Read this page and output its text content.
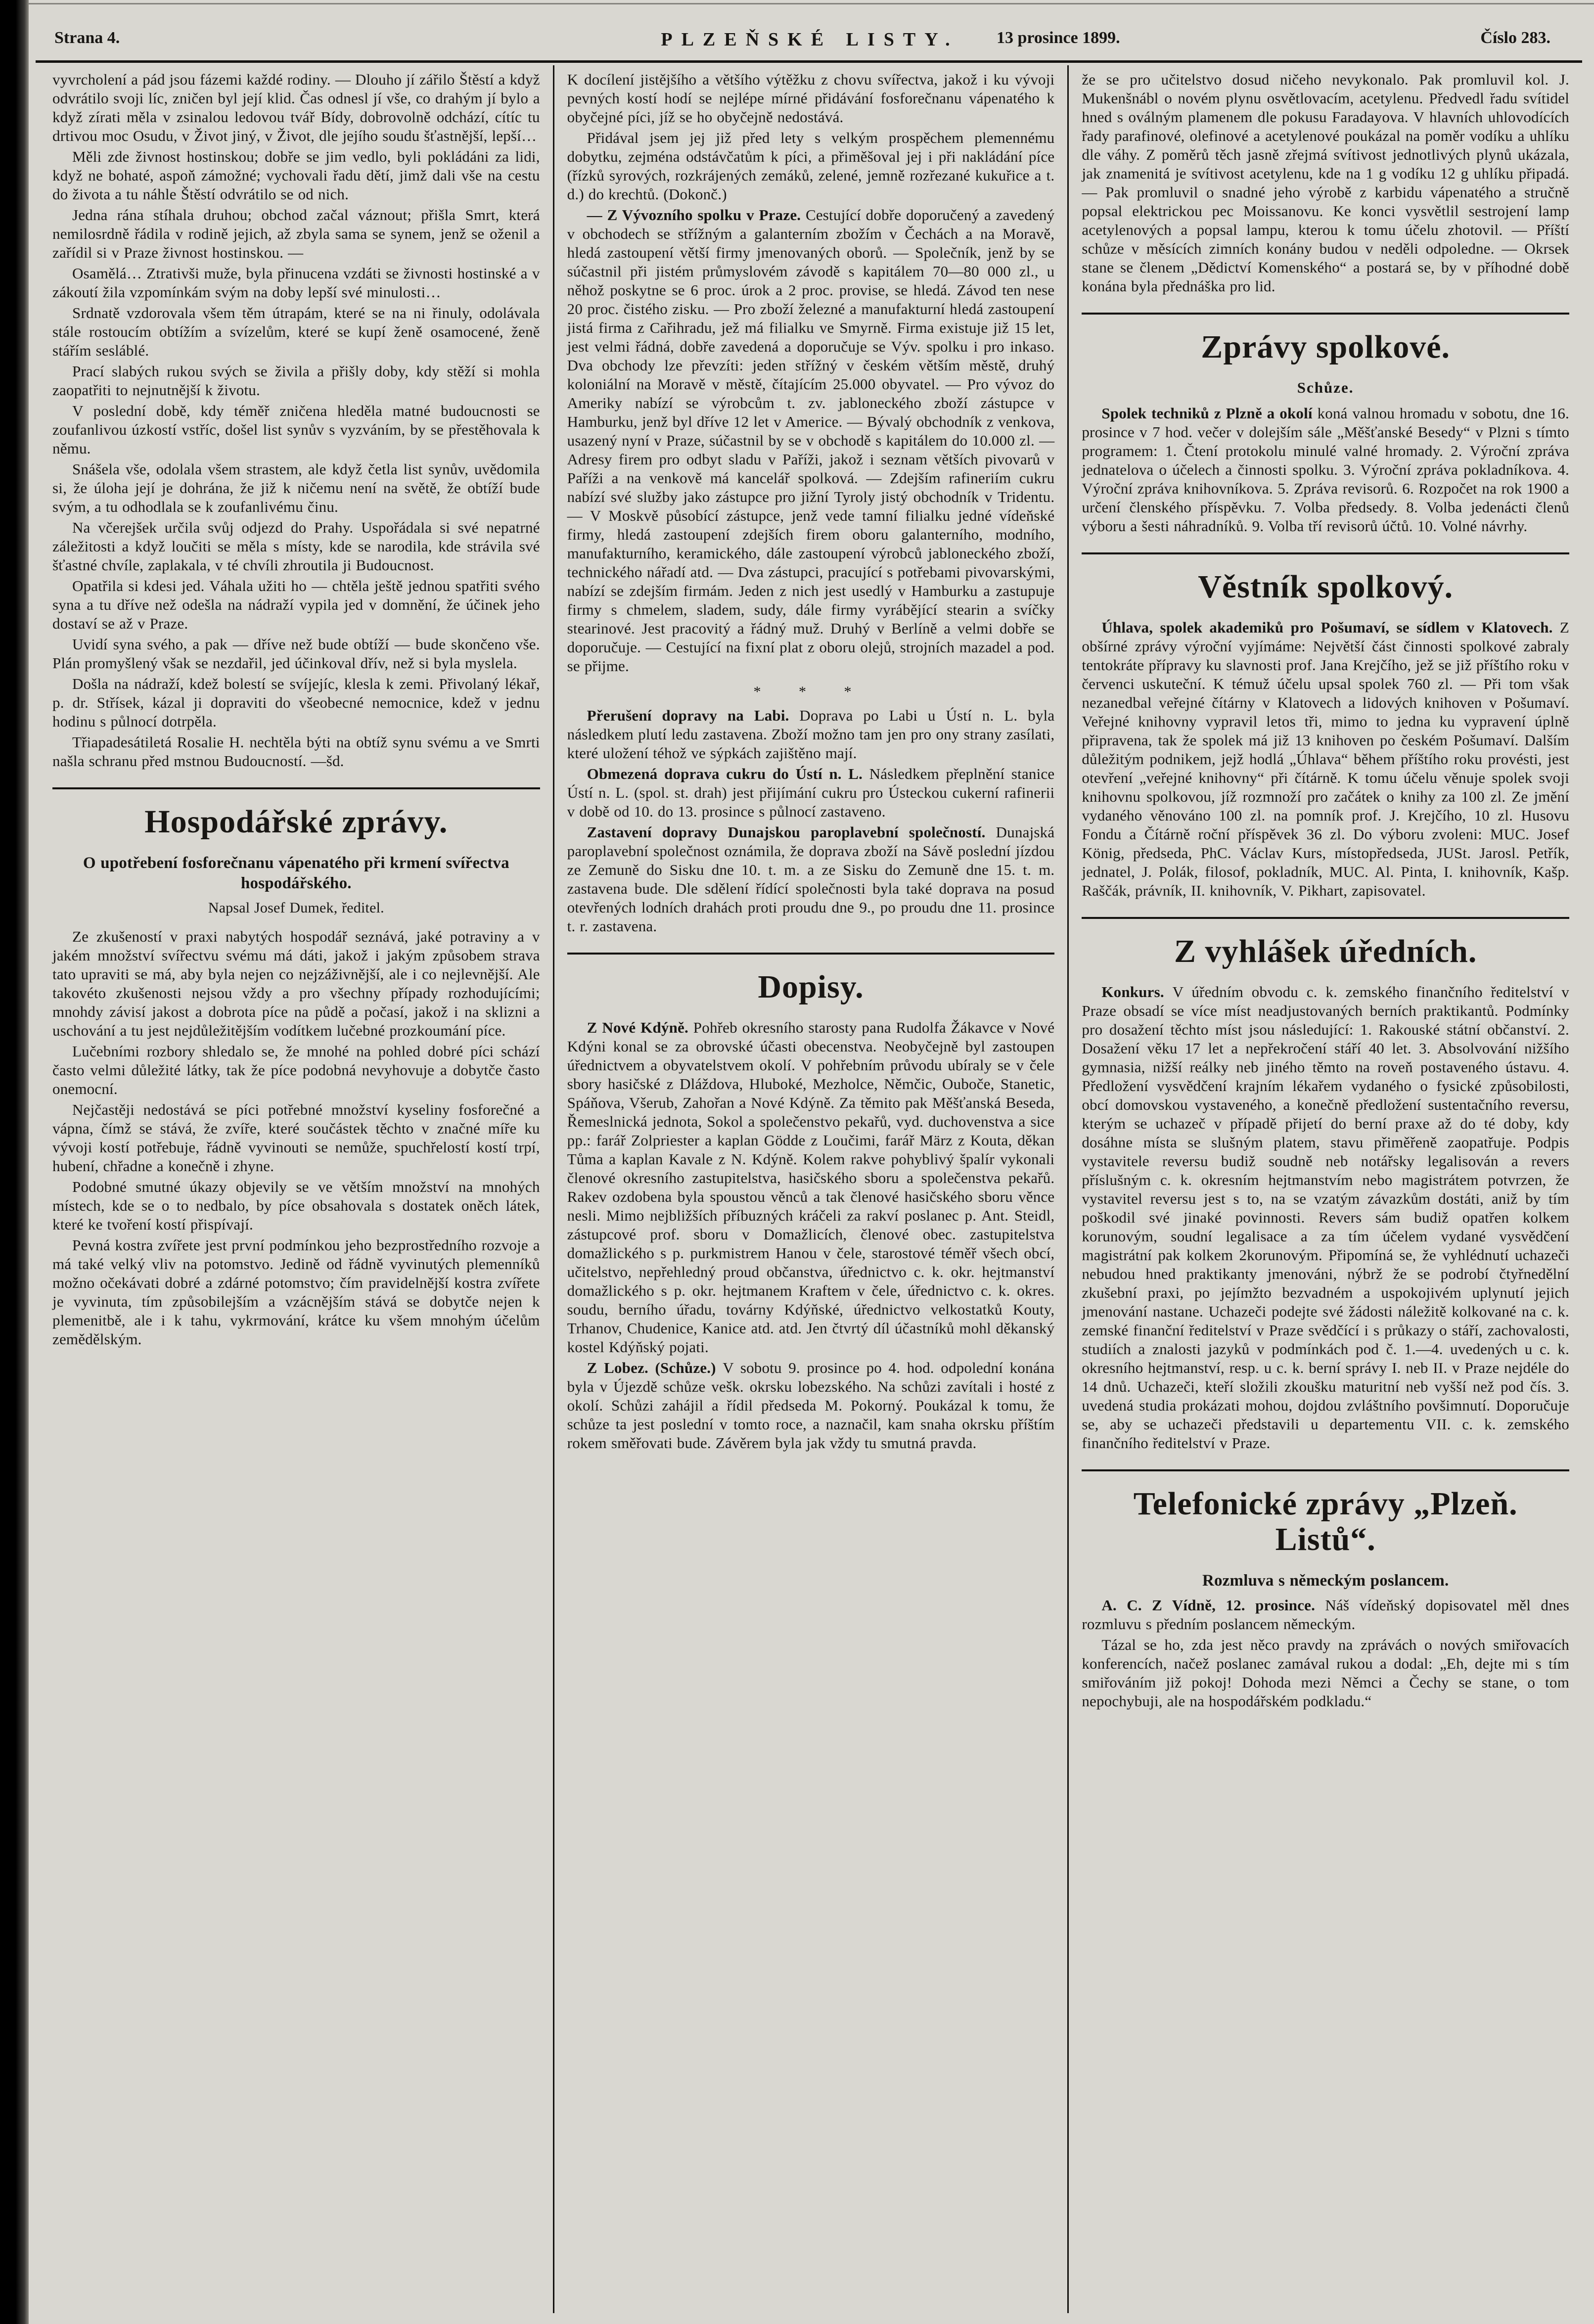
Strana 4.	PLZEŇSKÉ LISTY. 13 prosince 1899.	Číslo 283.

vyvrcholení a pád jsou fázemi každé rodiny. — Dlouho jí zářilo Štěstí a když odvrátilo svoji líc, zničen byl její klid. Čas odnesl jí vše, co drahým jí bylo a když zírati měla v zsinalou ledovou tvář Bídy, dobrovolně odchází, cítíc tu drtivou moc Osudu, v Život jiný, v Život, dle jejího soudu šťastnější, lepší…

Měli zde živnost hostinskou; dobře se jim vedlo, byli pokládáni za lidi, když ne bohaté, aspoň zámožné; vychovali řadu dětí, jimž dali vše na cestu do života a tu náhle Štěstí odvrátilo se od nich.

Jedna rána stíhala druhou; obchod začal váznout; přišla Smrt, která nemilosrdně řádila v rodině jejich, až zbyla sama se synem, jenž se oženil a zařídil si v Praze živnost hostinskou. —

Osamělá… Ztrativši muže, byla přinucena vzdáti se živnosti hostinské a v zákoutí žila vzpomínkám svým na doby lepší své minulosti…

Srdnatě vzdorovala všem těm útrapám, které se na ni řinuly, odolávala stále rostoucím obtížím a svízelům, které se kupí ženě osamocené, ženě stářím sesláblé.

Prací slabých rukou svých se živila a přišly doby, kdy stěží si mohla zaopatřiti to nejnutnější k životu.

V poslední době, kdy téměř zničena hleděla matné budoucnosti se zoufanlivou úzkostí vstříc, došel list synův s vyzváním, by se přestěhovala k němu.

Snášela vše, odolala všem strastem, ale když četla list synův, uvědomila si, že úloha její je dohrána, že již k ničemu není na světě, že obtíží bude svým, a tu odhodlala se k zoufanlivému činu.

Na včerejšek určila svůj odjezd do Prahy. Uspořádala si své nepatrné záležitosti a když loučiti se měla s místy, kde se narodila, kde strávila své šťastné chvíle, zaplakala, v té chvíli zhroutila ji Budoucnost.

Opatřila si kdesi jed. Váhala užiti ho — chtěla ještě jednou spatřiti svého syna a tu dříve než odešla na nádraží vypila jed v domnění, že účinek jeho dostaví se až v Praze.

Uvidí syna svého, a pak — dříve než bude obtíží — bude skončeno vše. Plán promyšlený však se nezdařil, jed účinkoval dřív, než si byla myslela.

Došla na nádraží, kdež bolestí se svíjejíc, klesla k zemi. Přivolaný lékař, p. dr. Střísek, kázal ji dopraviti do všeobecné nemocnice, kdež v jednu hodinu s půlnocí dotrpěla.

Třiapadesátiletá Rosalie H. nechtěla býti na obtíž synu svému a ve Smrti našla schranu před mstnou Budoucností. —šd.

Hospodářské zprávy.

O upotřebení fosforečnanu vápenatého při krmení svířectva hospodářského.

Napsal Josef Dumek, ředitel.

Ze zkušeností v praxi nabytých hospodář seznává, jaké potraviny a v jakém množství svířectvu svému má dáti, jakož i jakým způsobem strava tato upraviti se má, aby byla nejen co nejzáživnější, ale i co nejlevnější. Ale takovéto zkušenosti nejsou vždy a pro všechny případy rozhodujícími; mnohdy závisí jakost a dobrota píce na půdě a počasí, jakož i na sklizni a uschování a tu jest nejdůležitějším vodítkem lučebné prozkoumání píce.

Lučebními rozbory shledalo se, že mnohé na pohled dobré píci schází často velmi důležité látky, tak že píce podobná nevyhovuje a dobytče často onemocní.

Nejčastěji nedostává se píci potřebné množství kyseliny fosforečné a vápna, čímž se stává, že zvíře, které součástek těchto v značné míře ku vývoji kostí potřebuje, řádně vyvinouti se nemůže, spuchřelostí kostí trpí, hubení, chřadne a konečně i zhyne.

Podobné smutné úkazy objevily se ve větším množství na mnohých místech, kde se o to nedbalo, by píce obsahovala s dostatek oněch látek, které ke tvoření kostí přispívají.

Pevná kostra zvířete jest první podmínkou jeho bezprostředního rozvoje a má také velký vliv na potomstvo. Jedině od řádně vyvinutých plemenníků možno očekávati dobré a zdárné potomstvo; čím pravidelnější kostra zvířete je vyvinuta, tím způsobilejším a vzácnějším stává se dobytče nejen k plemenitbě, ale i k tahu, vykrmování, krátce ku všem mnohým účelům zemědělským.

K docílení jistějšího a většího výtěžku z chovu svířectva, jakož i ku vývoji pevných kostí hodí se nejlépe mírné přidávání fosforečnanu vápenatého k obyčejné píci, jíž se ho obyčejně nedostává.

Přidával jsem jej již před lety s velkým prospěchem plemennému dobytku, zejména odstávčatům k píci, a přiměšoval jej i při nakládání píce (řízků syrových, rozkrájených zemáků, zelené, jemně rozřezané kukuřice a t. d.) do krechtů. (Dokonč.)

— Z Vývozního spolku v Praze. Cestující dobře doporučený a zavedený v obchodech se střížným a galanterním zbožím v Čechách a na Moravě, hledá zastoupení větší firmy jmenovaných oborů. — Společník, jenž by se súčastnil při jistém průmyslovém závodě s kapitálem 70—80 000 zl., u něhož poskytne se 6 proc. úrok a 2 proc. provise, se hledá. Závod ten nese 20 proc. čistého zisku. — Pro zboží železné a manufakturní hledá zastoupení jistá firma z Cařihradu, jež má filialku ve Smyrně. Firma existuje již 15 let, jest velmi řádná, dobře zavedená a doporučuje se Výv. spolku i pro inkaso. Dva obchody lze převzíti: jeden střížný v českém větším městě, druhý koloniální na Moravě v městě, čítajícím 25.000 obyvatel. — Pro vývoz do Ameriky nabízí se výrobcům t. zv. jabloneckého zboží zástupce v Hamburku, jenž byl dříve 12 let v Americe. — Bývalý obchodník z venkova, usazený nyní v Praze, súčastnil by se v obchodě s kapitálem do 10.000 zl. — Adresy firem pro odbyt sladu v Paříži, jakož i seznam větších pivovarů v Paříži a na venkově má kancelář spolková. — Zdejším rafineriím cukru nabízí své služby jako zástupce pro jižní Tyroly jistý obchodník v Tridentu. — V Moskvě působící zástupce, jenž vede tamní filialku jedné vídeňské firmy, hledá zastoupení zdejších firem oboru galanterního, modního, manufakturního, keramického, dále zastoupení výrobců jabloneckého zboží, technického nářadí atd. — Dva zástupci, pracující s potřebami pivovarskými, nabízí se zdejším firmám. Jeden z nich jest usedlý v Hamburku a zastupuje firmy s chmelem, sladem, sudy, dále firmy vyrábějící stearin a svíčky stearinové. Jest pracovitý a řádný muž. Druhý v Berlíně a velmi dobře se doporučuje. — Cestující na fixní plat z oboru olejů, strojních mazadel a pod. se přijme.

* * *

Přerušení dopravy na Labi. Doprava po Labi u Ústí n. L. byla následkem plutí ledu zastavena. Zboží možno tam jen pro ony strany zasílati, které uložení téhož ve sýpkách zajištěno mají.

Obmezená doprava cukru do Ústí n. L. Následkem přeplnění stanice Ústí n. L. (spol. st. drah) jest přijímání cukru pro Ústeckou cukerní rafinerii v době od 10. do 13. prosince s půlnocí zastaveno.

Zastavení dopravy Dunajskou paroplavební společností. Dunajská paroplavební společnost oznámila, že doprava zboží na Sávě poslední jízdou ze Zemuně do Sisku dne 10. t. m. a ze Sisku do Zemuně dne 15. t. m. zastavena bude. Dle sdělení řídící společnosti byla také doprava na posud otevřených lodních drahách proti proudu dne 9., po proudu dne 11. prosince t. r. zastavena.

Dopisy.

Z Nové Kdýně. Pohřeb okresního starosty pana Rudolfa Žákavce v Nové Kdýni konal se za obrovské účasti obecenstva. Neobyčejně byl zastoupen úřednictvem a obyvatelstvem okolí. V pohřebním průvodu ubíraly se v čele sbory hasičské z Dláždova, Hluboké, Mezholce, Němčic, Ouboče, Stanetic, Spáňova, Všerub, Zahořan a Nové Kdýně. Za těmito pak Měšťanská Beseda, Řemeslnická jednota, Sokol a společenstvo pekařů, vyd. duchovenstva a sice pp.: farář Zolpriester a kaplan Gödde z Loučimi, farář März z Kouta, děkan Tůma a kaplan Kavale z N. Kdýně. Kolem rakve pohyblivý špalír vykonali členové okresního zastupitelstva, hasičského sboru a společenstva pekařů. Rakev ozdobena byla spoustou věnců a tak členové hasičského sboru věnce nesli. Mimo nejbližších příbuzných kráčeli za rakví poslanec p. Ant. Steidl, zástupcové prof. sboru v Domažlicích, členové obec. zastupitelstva domažlického s p. purkmistrem Hanou v čele, starostové téměř všech obcí, učitelstvo, nepřehledný proud občanstva, úřednictvo c. k. okr. hejtmanství domažlického s p. okr. hejtmanem Kraftem v čele, úřednictvo c. k. okres. soudu, berního úřadu, továrny Kdýňské, úřednictvo velkostatků Kouty, Trhanov, Chudenice, Kanice atd. atd. Jen čtvrtý díl účastníků mohl děkanský kostel Kdýňský pojati.

Z Lobez. (Schůze.) V sobotu 9. prosince po 4. hod. odpolední konána byla v Újezdě schůze vešk. okrsku lobezského. Na schůzi zavítali i hosté z okolí. Schůzi zahájil a řídil předseda M. Pokorný. Poukázal k tomu, že schůze ta jest poslední v tomto roce, a naznačil, kam snaha okrsku příštím rokem směřovati bude. Závěrem byla jak vždy tu smutná pravda.

že se pro učitelstvo dosud ničeho nevykonalo. Pak promluvil kol. J. Mukenšnábl o novém plynu osvětlovacím, acetylenu. Předvedl řadu svítidel hned s oválným plamenem dle pokusu Faradayova. V hlavních uhlovodících řady parafinové, olefinové a acetylenové poukázal na poměr vodíku a uhlíku dle váhy. Z poměrů těch jasně zřejmá svítivost jednotlivých plynů ukázala, jak znamenitá je svítivost acetylenu, kde na 1 g vodíku 12 g uhlíku připadá. — Pak promluvil o snadné jeho výrobě z karbidu vápenatého a stručně popsal elektrickou pec Moissanovu. Ke konci vysvětlil sestrojení lamp acetylenových a popsal lampu, kterou k tomu účelu zhotovil. — Příští schůze v měsících zimních konány budou v neděli odpoledne. — Okrsek stane se členem „Dědictví Komenského“ a postará se, by v příhodné době konána byla přednáška pro lid.

Zprávy spolkové.

Schůze.

Spolek techniků z Plzně a okolí koná valnou hromadu v sobotu, dne 16. prosince v 7 hod. večer v dolejším sále „Měšťanské Besedy“ v Plzni s tímto programem: 1. Čtení protokolu minulé valné hromady. 2. Výroční zpráva jednatelova o účelech a činnosti spolku. 3. Výroční zpráva pokladníkova. 4. Výroční zpráva knihovníkova. 5. Zpráva revisorů. 6. Rozpočet na rok 1900 a určení členského příspěvku. 7. Volba předsedy. 8. Volba jedenácti členů výboru a šesti náhradníků. 9. Volba tří revisorů účtů. 10. Volné návrhy.

Věstník spolkový.

Úhlava, spolek akademiků pro Pošumaví, se sídlem v Klatovech. Z obšírné zprávy výroční vyjímáme: Největší část činnosti spolkové zabraly tentokráte přípravy ku slavnosti prof. Jana Krejčího, jež se již příštího roku v červenci uskuteční. K témuž účelu upsal spolek 760 zl. — Při tom však nezanedbal veřejné čítárny v Klatovech a lidových knihoven v Pošumaví. Veřejné knihovny vypravil letos tři, mimo to jedna ku vypravení úplně připravena, tak že spolek má již 13 knihoven po českém Pošumaví. Dalším důležitým podnikem, jejž hodlá „Úhlava“ během příštího roku provésti, jest otevření „veřejné knihovny“ při čítárně. K tomu účelu věnuje spolek svoji knihovnu spolkovou, jíž rozmnoží pro začátek o knihy za 100 zl. Ze jmění vydaného věnováno 100 zl. na pomník prof. J. Krejčího, 10 zl. Husovu Fondu a Čítárně roční příspěvek 36 zl. Do výboru zvoleni: MUC. Josef König, předseda, PhC. Václav Kurs, místopředseda, JUSt. Jarosl. Petřík, jednatel, J. Polák, filosof, pokladník, MUC. Al. Pinta, I. knihovník, Kašp. Raščák, právník, II. knihovník, V. Pikhart, zapisovatel.

Z vyhlášek úředních.

Konkurs. V úředním obvodu c. k. zemského finančního ředitelství v Praze obsadí se více míst neadjustovaných berních praktikantů. Podmínky pro dosažení těchto míst jsou následující: 1. Rakouské státní občanství. 2. Dosažení věku 17 let a nepřekročení stáří 40 let. 3. Absolvování nižšího gymnasia, nižší reálky neb jiného těmto na roveň postaveného ústavu. 4. Předložení vysvědčení krajním lékařem vydaného o fysické způsobilosti, obcí domovskou vystaveného, a konečně předložení sustentačního reversu, kterým se uchazeč v případě přijetí do berní praxe až do té doby, kdy dosáhne místa se slušným platem, stavu přiměřeně zaopatřuje. Podpis vystavitele reversu budiž soudně neb notářsky legalisován a revers příslušným c. k. okresním hejtmanstvím nebo magistrátem potvrzen, že vystavitel reversu jest s to, na se vzatým závazkům dostáti, aniž by tím poškodil své jinaké povinnosti. Revers sám budiž opatřen kolkem korunovým, soudní legalisace a za tím účelem vydané vysvědčení magistrátní pak kolkem 2korunovým. Připomíná se, že vyhlédnutí uchazeči nebudou hned praktikanty jmenováni, nýbrž že se podrobí čtyřnedělní zkušební praxi, po jejímžto bezvadném a uspokojivém uplynutí jejich jmenování nastane. Uchazeči podejte své žádosti náležitě kolkované na c. k. zemské finanční ředitelství v Praze svědčící i s průkazy o stáří, zachovalosti, studiích a znalosti jazyků v podmínkách pod č. 1.—4. uvedených u c. k. okresního hejtmanství, resp. u c. k. berní správy I. neb II. v Praze nejdéle do 14 dnů. Uchazeči, kteří složili zkoušku maturitní neb vyšší než pod čís. 3. uvedená studia prokázati mohou, dojdou zvláštního povšimnutí. Doporučuje se, aby se uchazeči představili u departementu VII. c. k. zemského finančního ředitelství v Praze.

Telefonické zprávy „Plzeň. Listů“.

Rozmluva s německým poslancem.

A. C. Z Vídně, 12. prosince. Náš vídeňský dopisovatel měl dnes rozmluvu s předním poslancem německým.

Tázal se ho, zda jest něco pravdy na zprávách o nových smiřovacích konferencích, načež poslanec zamával rukou a dodal: „Eh, dejte mi s tím smiřováním již pokoj! Dohoda mezi Němci a Čechy se stane, o tom nepochybuji, ale na hospodářském podkladu.“
